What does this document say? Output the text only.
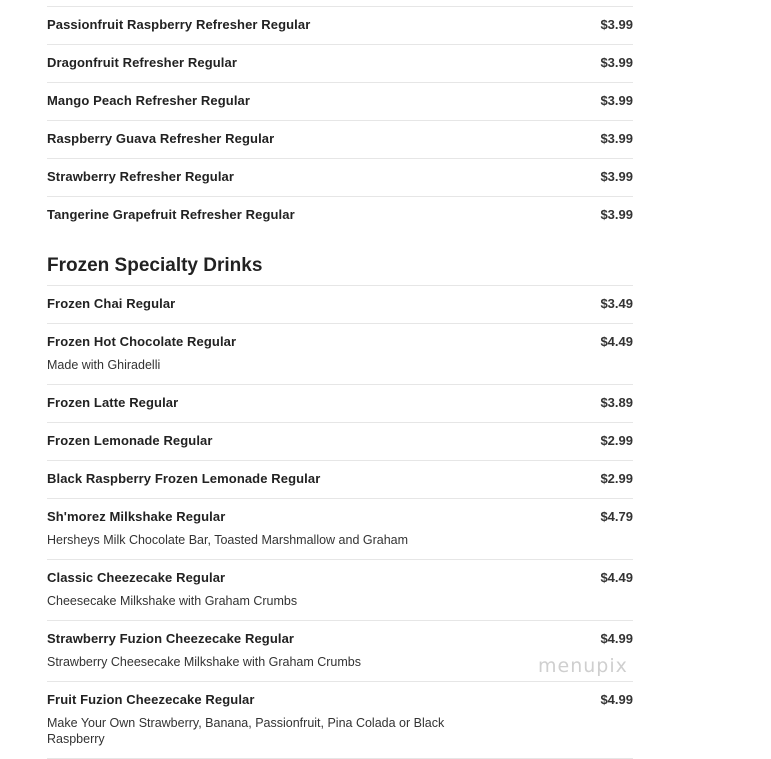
Passionfruit Raspberry Refresher Regular	$3.99
Dragonfruit Refresher Regular	$3.99
Mango Peach Refresher Regular	$3.99
Raspberry Guava Refresher Regular	$3.99
Strawberry Refresher Regular	$3.99
Tangerine Grapefruit Refresher Regular	$3.99
Frozen Specialty Drinks
Frozen Chai Regular	$3.49
Frozen Hot Chocolate Regular	$4.49
Made with Ghiradelli
Frozen Latte Regular	$3.89
Frozen Lemonade Regular	$2.99
Black Raspberry Frozen Lemonade Regular	$2.99
Sh'morez Milkshake Regular	$4.79
Hersheys Milk Chocolate Bar, Toasted Marshmallow and Graham
Classic Cheezecake Regular	$4.49
Cheesecake Milkshake with Graham Crumbs
Strawberry Fuzion Cheezecake Regular	$4.99
Strawberry Cheesecake Milkshake with Graham Crumbs
Fruit Fuzion Cheezecake Regular	$4.99
Make Your Own Strawberry, Banana, Passionfruit, Pina Colada or Black Raspberry
menupix
